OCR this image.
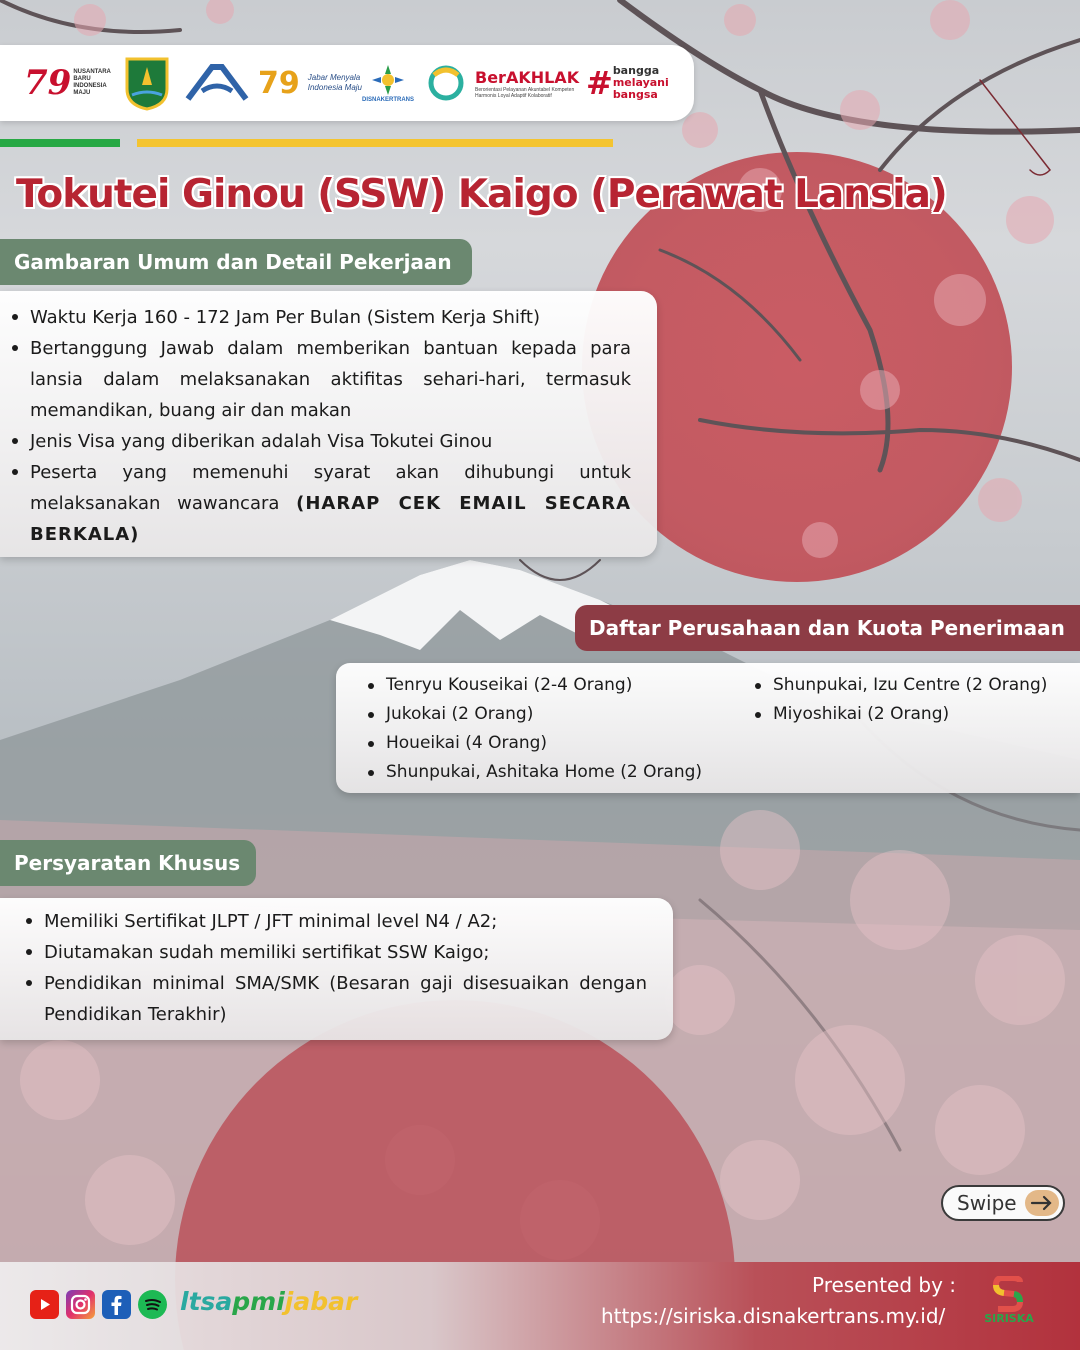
79 NUSANTARA
BARU
INDONESIA
MAJU	79 Jabar Menyala
Indonesia Maju
DISNAKERTRANS
BerAKHLAK
Berorientasi Pelayanan Akuntabel Kompeten
Harmonis Loyal Adaptif Kolaboratif # bangga
melayani
bangsa
Tokutei Ginou (SSW) Kaigo (Perawat Lansia)
Gambaran Umum dan Detail Pekerjaan
Waktu Kerja 160 - 172 Jam Per Bulan (Sistem Kerja Shift)
Bertanggung Jawab dalam memberikan bantuan kepada para lansia dalam melaksanakan aktifitas sehari-hari, termasuk memandikan, buang air dan makan
Jenis Visa yang diberikan adalah Visa Tokutei Ginou
Peserta yang memenuhi syarat akan dihubungi untuk melaksanakan wawancara (HARAP CEK EMAIL SECARA BERKALA)
Daftar Perusahaan dan Kuota Penerimaan
Tenryu Kouseikai (2-4 Orang)
Jukokai (2 Orang)
Houeikai (4 Orang)
Shunpukai, Ashitaka Home (2 Orang)
Shunpukai, Izu Centre (2 Orang)
Miyoshikai (2 Orang)
Persyaratan Khusus
Memiliki Sertifikat JLPT / JFT minimal level N4 / A2;
Diutamakan sudah memiliki sertifikat SSW Kaigo;
Pendidikan minimal SMA/SMK (Besaran gaji disesuaikan dengan Pendidikan Terakhir)
Swipe
ltsapmijabar
Presented by :
https://siriska.disnakertrans.my.id/	SIRISKA
